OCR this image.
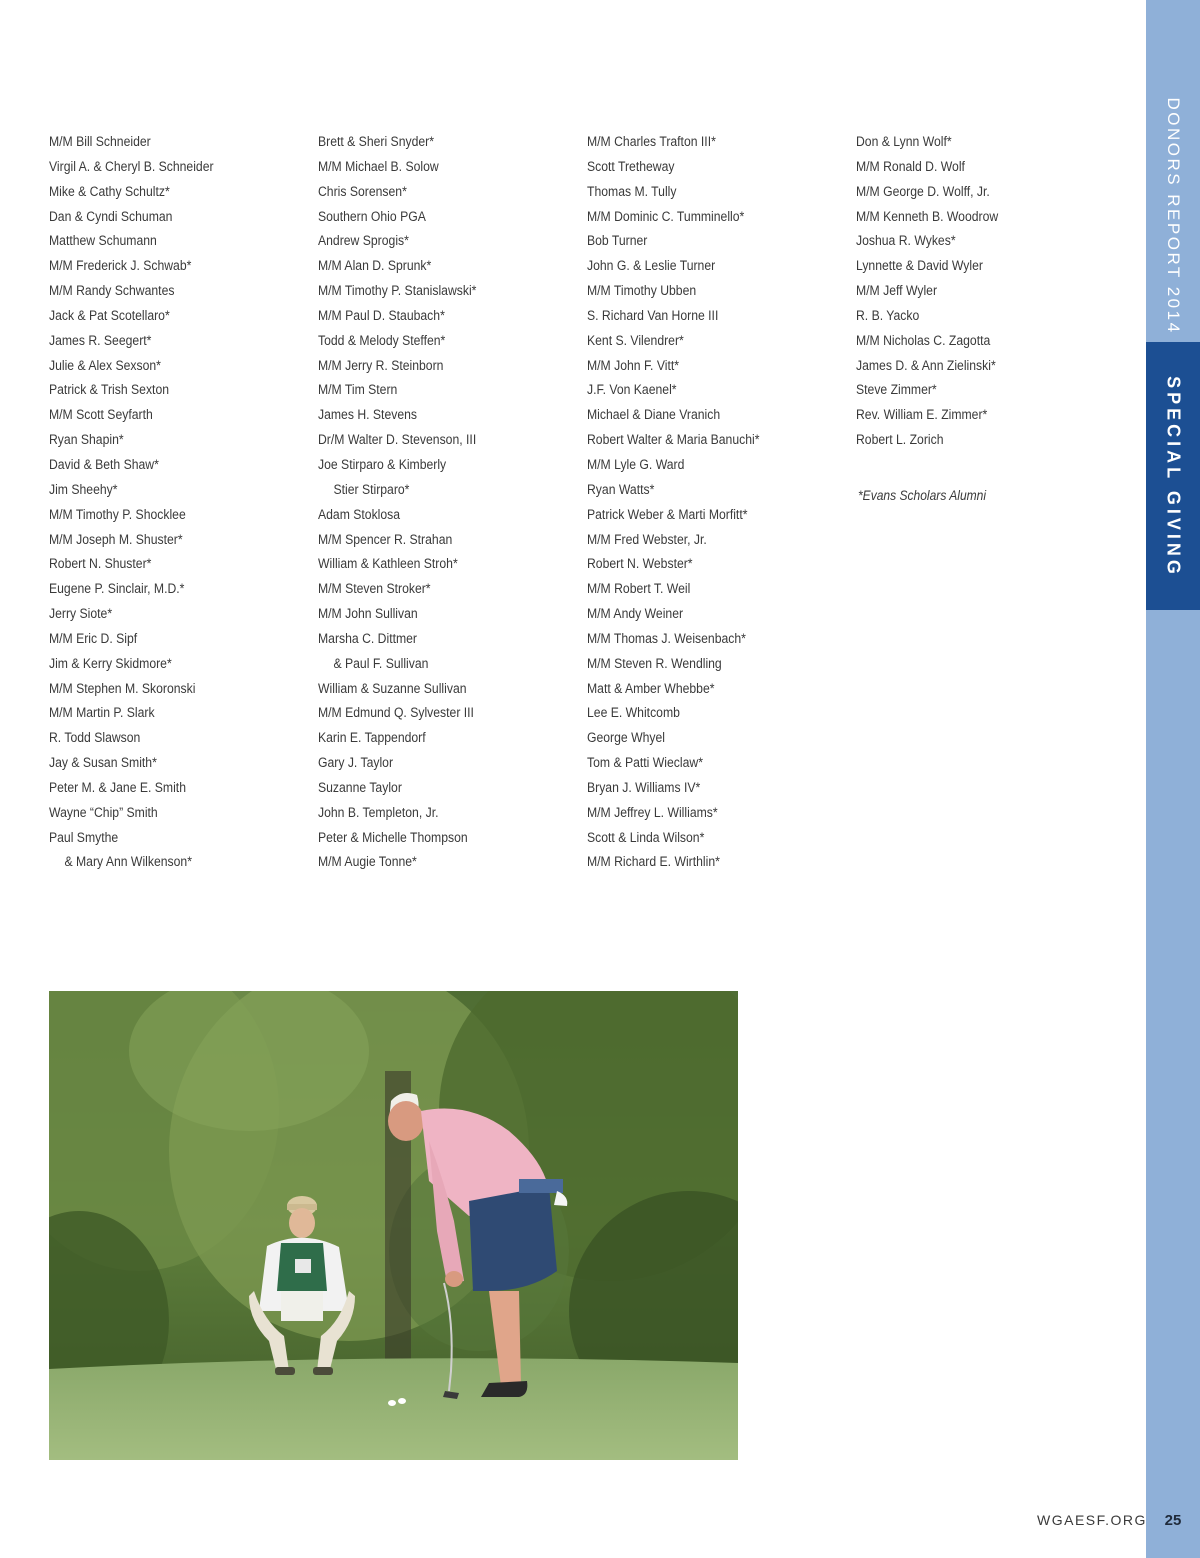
DONORS REPORT 2014
SPECIAL GIVING
M/M Bill Schneider
Virgil A. & Cheryl B. Schneider
Mike & Cathy Schultz*
Dan & Cyndi Schuman
Matthew Schumann
M/M Frederick J. Schwab*
M/M Randy Schwantes
Jack & Pat Scotellaro*
James R. Seegert*
Julie & Alex Sexson*
Patrick & Trish Sexton
M/M Scott Seyfarth
Ryan Shapin*
David & Beth Shaw*
Jim Sheehy*
M/M Timothy P. Shocklee
M/M Joseph M. Shuster*
Robert N. Shuster*
Eugene P. Sinclair, M.D.*
Jerry Siote*
M/M Eric D. Sipf
Jim & Kerry Skidmore*
M/M Stephen M. Skoronski
M/M Martin P. Slark
R. Todd Slawson
Jay & Susan Smith*
Peter M. & Jane E. Smith
Wayne “Chip” Smith
Paul Smythe
& Mary Ann Wilkenson*
Brett & Sheri Snyder*
M/M Michael B. Solow
Chris Sorensen*
Southern Ohio PGA
Andrew Sprogis*
M/M Alan D. Sprunk*
M/M Timothy P. Stanislawski*
M/M Paul D. Staubach*
Todd & Melody Steffen*
M/M Jerry R. Steinborn
M/M Tim Stern
James H. Stevens
Dr/M Walter D. Stevenson, III
Joe Stirparo & Kimberly
Stier Stirparo*
Adam Stoklosa
M/M Spencer R. Strahan
William & Kathleen Stroh*
M/M Steven Stroker*
M/M John Sullivan
Marsha C. Dittmer
& Paul F. Sullivan
William & Suzanne Sullivan
M/M Edmund Q. Sylvester III
Karin E. Tappendorf
Gary J. Taylor
Suzanne Taylor
John B. Templeton, Jr.
Peter & Michelle Thompson
M/M Augie Tonne*
M/M Charles Trafton III*
Scott Tretheway
Thomas M. Tully
M/M Dominic C. Tumminello*
Bob Turner
John G. & Leslie Turner
M/M Timothy Ubben
S. Richard Van Horne III
Kent S. Vilendrer*
M/M John F. Vitt*
J.F. Von Kaenel*
Michael & Diane Vranich
Robert Walter & Maria Banuchi*
M/M Lyle G. Ward
Ryan Watts*
Patrick Weber & Marti Morfitt*
M/M Fred Webster, Jr.
Robert N. Webster*
M/M Robert T. Weil
M/M Andy Weiner
M/M Thomas J. Weisenbach*
M/M Steven R. Wendling
Matt & Amber Whebbe*
Lee E. Whitcomb
George Whyel
Tom & Patti Wieclaw*
Bryan J. Williams IV*
M/M Jeffrey L. Williams*
Scott & Linda Wilson*
M/M Richard E. Wirthlin*
Don & Lynn Wolf*
M/M Ronald D. Wolf
M/M George D. Wolff, Jr.
M/M Kenneth B. Woodrow
Joshua R. Wykes*
Lynnette & David Wyler
M/M Jeff Wyler
R. B. Yacko
M/M Nicholas C. Zagotta
James D. & Ann Zielinski*
Steve Zimmer*
Rev. William E. Zimmer*
Robert L. Zorich
*Evans Scholars Alumni
WGAESF.ORG	25
